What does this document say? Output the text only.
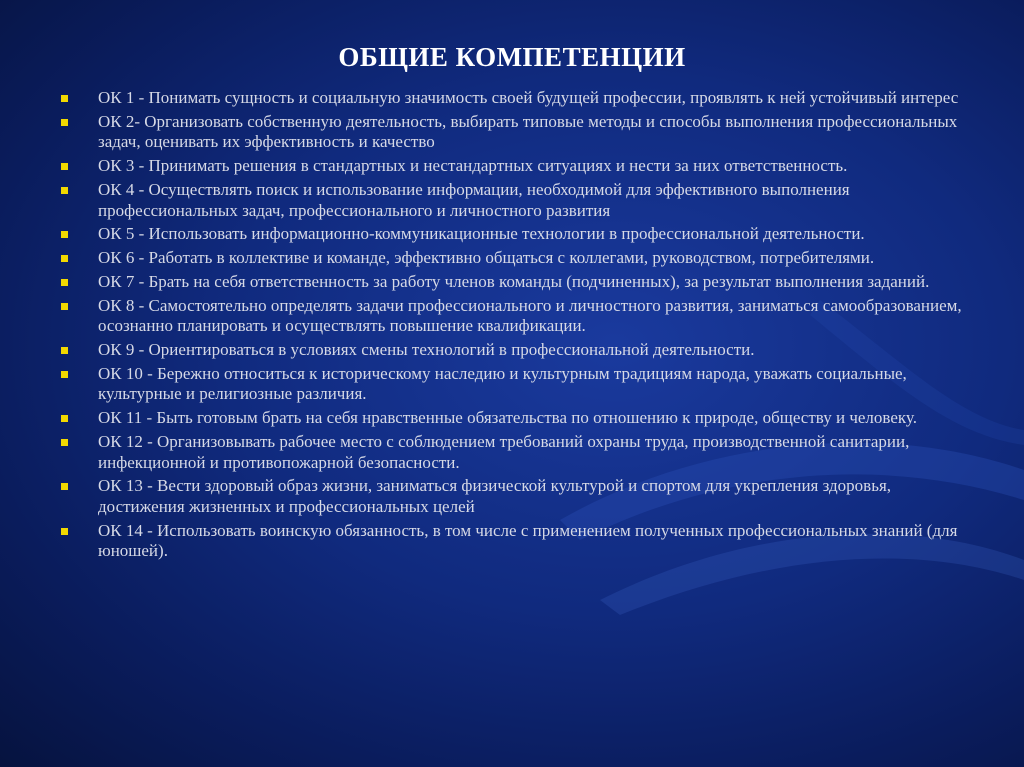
ОБЩИЕ КОМПЕТЕНЦИИ
ОК 1 - Понимать сущность и социальную значимость своей будущей профессии, проявлять к ней устойчивый интерес
ОК 2- Организовать собственную деятельность, выбирать типовые методы и способы выполнения профессиональных задач, оценивать их эффективность и качество
ОК 3 - Принимать решения в стандартных и нестандартных ситуациях и нести за них ответственность.
ОК 4 - Осуществлять поиск и использование информации, необходимой для эффективного выполнения профессиональных задач, профессионального и личностного развития
ОК 5 - Использовать информационно-коммуникационные технологии в профессиональной деятельности.
ОК 6 - Работать в коллективе и команде, эффективно общаться с коллегами, руководством, потребителями.
ОК 7 - Брать на себя ответственность за работу членов команды (подчиненных), за результат выполнения заданий.
ОК 8 - Самостоятельно определять задачи профессионального и личностного развития, заниматься самообразованием, осознанно планировать и осуществлять повышение квалификации.
ОК 9 - Ориентироваться в условиях смены технологий в профессиональной деятельности.
ОК 10 - Бережно относиться к историческому наследию и культурным традициям народа, уважать социальные, культурные и религиозные различия.
ОК 11 - Быть готовым брать на себя нравственные обязательства по отношению к природе, обществу и человеку.
ОК 12 - Организовывать рабочее место с соблюдением требований охраны труда, производственной санитарии, инфекционной и противопожарной безопасности.
ОК 13 - Вести здоровый образ жизни, заниматься физической культурой и спортом для укрепления здоровья, достижения жизненных и профессиональных целей
ОК 14 - Использовать воинскую обязанность, в том числе с применением полученных профессиональных знаний (для юношей).
